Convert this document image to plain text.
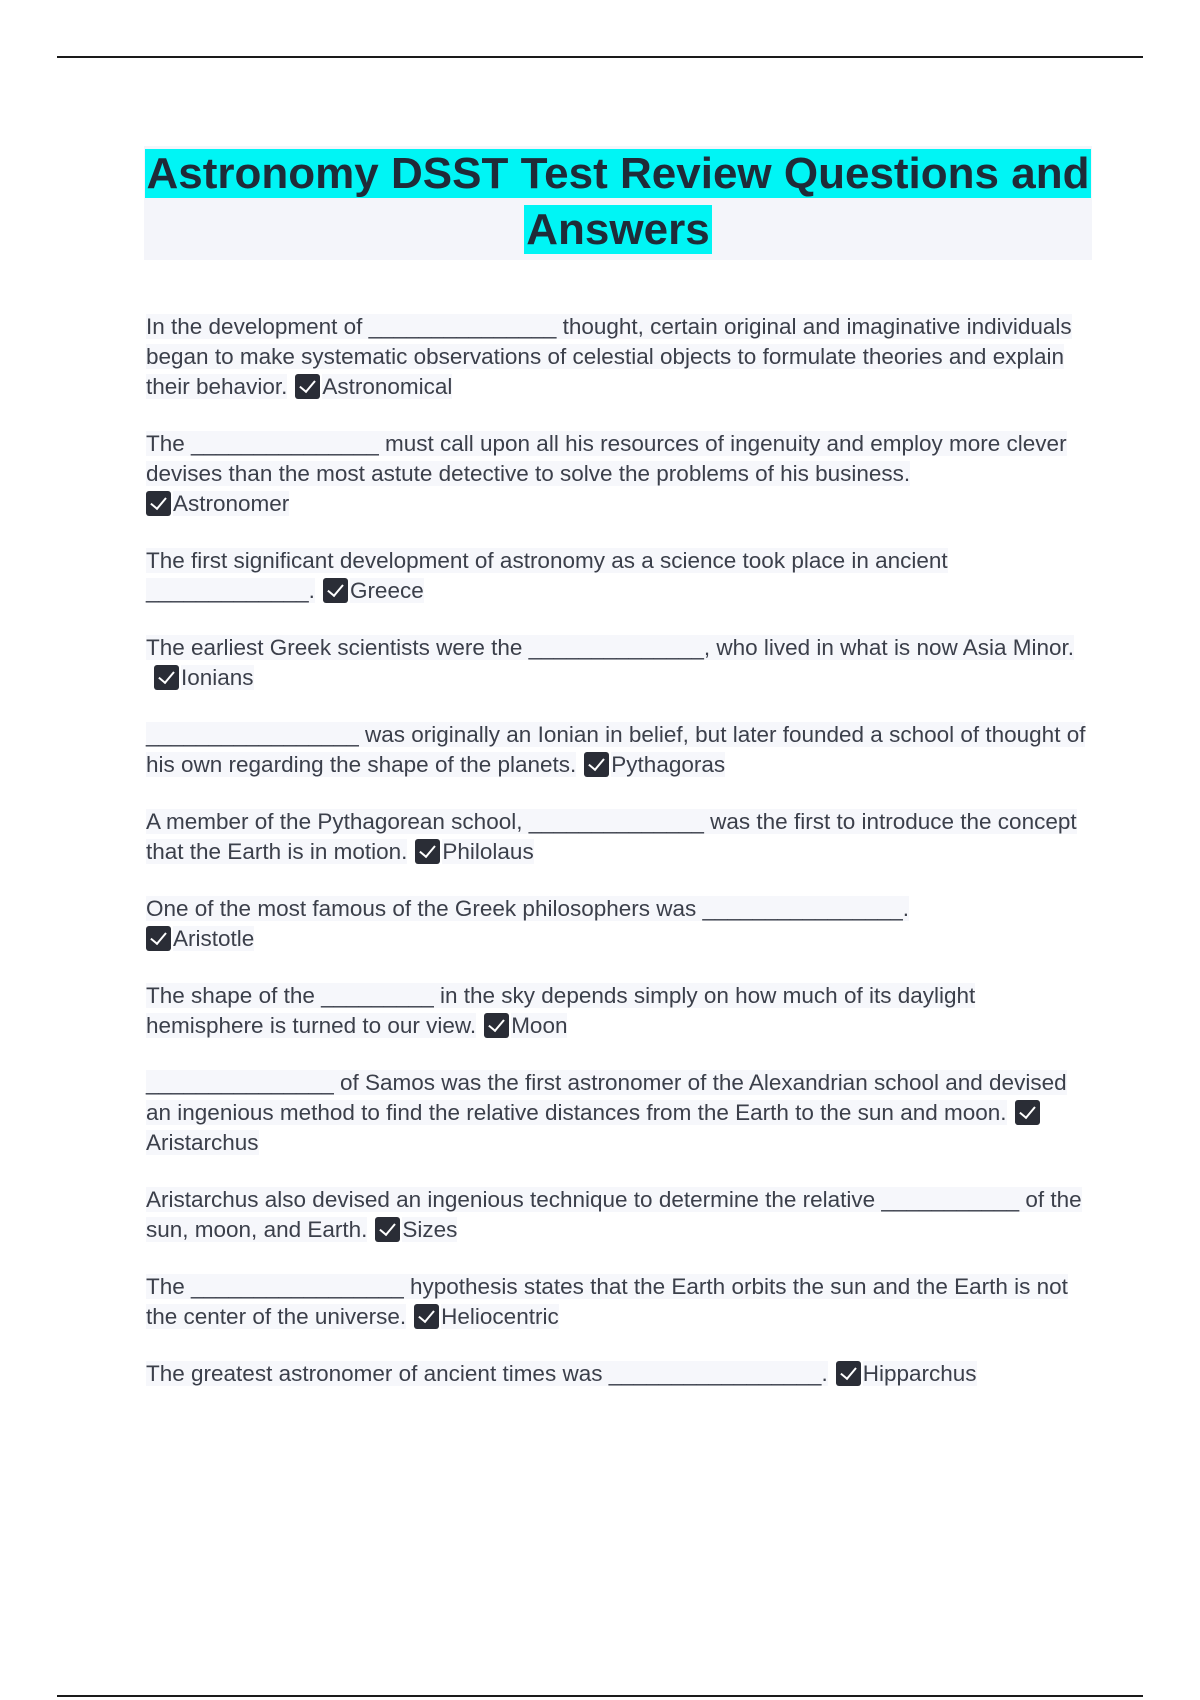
Astronomy DSST Test Review Questions and Answers
In the development of _______________ thought, certain original and imaginative individuals began to make systematic observations of celestial objects to formulate theories and explain their behavior. Astronomical
The _______________ must call upon all his resources of ingenuity and employ more clever devises than the most astute detective to solve the problems of his business.
Astronomer
The first significant development of astronomy as a science took place in ancient _____________. Greece
The earliest Greek scientists were the ______________, who lived in what is now Asia Minor.Ionians
_________________ was originally an Ionian in belief, but later founded a school of thought of his own regarding the shape of the planets. Pythagoras
A member of the Pythagorean school, ______________ was the first to introduce the concept that the Earth is in motion. Philolaus
One of the most famous of the Greek philosophers was ________________.
Aristotle
The shape of the _________ in the sky depends simply on how much of its daylight hemisphere is turned to our view. Moon
_______________ of Samos was the first astronomer of the Alexandrian school and devised an ingenious method to find the relative distances from the Earth to the sun and moon.Aristarchus
Aristarchus also devised an ingenious technique to determine the relative ___________ of the sun, moon, and Earth. Sizes
The _________________ hypothesis states that the Earth orbits the sun and the Earth is not the center of the universe. Heliocentric
The greatest astronomer of ancient times was _________________. Hipparchus
